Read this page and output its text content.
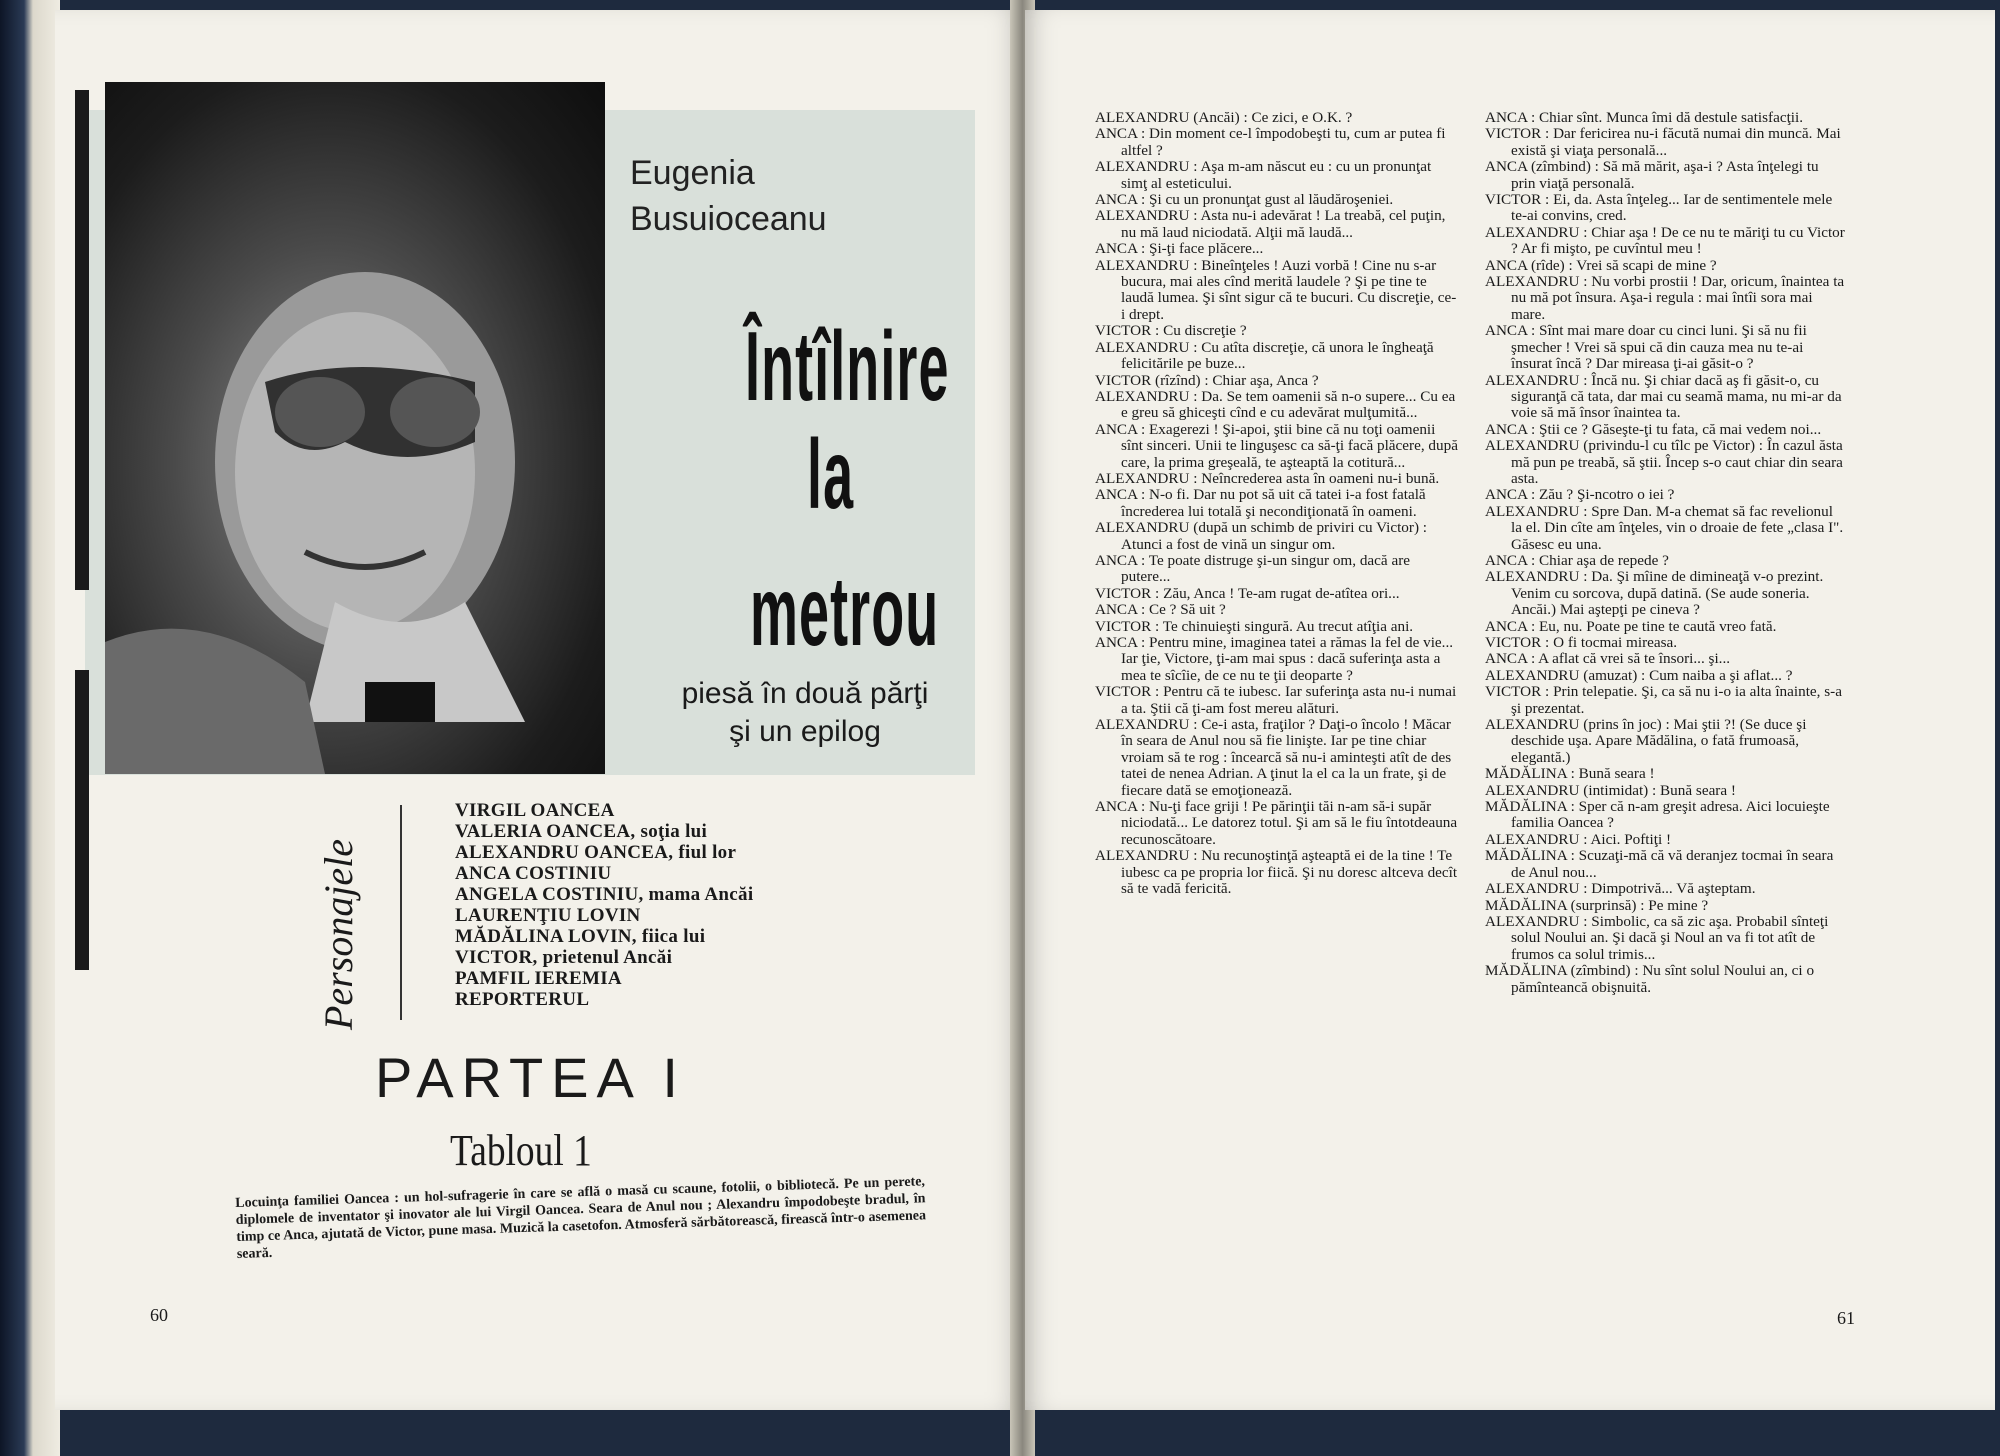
Eugenia
Busuioceanu
Întîlnire
la
metrou
piesă în două părţi
şi un epilog
Personajele
VIRGIL OANCEA
VALERIA OANCEA, soţia lui
ALEXANDRU OANCEA, fiul lor
ANCA COSTINIU
ANGELA COSTINIU, mama Ancăi
LAURENŢIU LOVIN
MĂDĂLINA LOVIN, fiica lui
VICTOR, prietenul Ancăi
PAMFIL IEREMIA
REPORTERUL
PARTEA I
Tabloul 1
Locuinţa familiei Oancea : un hol-sufragerie în care se află o masă cu scaune, fotolii, o bibliotecă. Pe un perete, diplomele de inventator şi inovator ale lui Virgil Oancea. Seara de Anul nou ; Alexandru împodobeşte bradul, în timp ce Anca, ajutată de Victor, pune masa. Muzică la casetofon. Atmosferă sărbătorească, firească într-o asemenea seară.
60

ALEXANDRU (Ancăi) : Ce zici, e O.K. ?

ANCA : Din moment ce-l împodobeşti tu, cum ar putea fi altfel ?

ALEXANDRU : Aşa m-am născut eu : cu un pronunţat simţ al esteticului.

ANCA : Şi cu un pronunţat gust al lăudăroşeniei.

ALEXANDRU : Asta nu-i adevărat ! La treabă, cel puţin, nu mă laud niciodată. Alţii mă laudă...

ANCA : Şi-ţi face plăcere...

ALEXANDRU : Bineînţeles ! Auzi vorbă ! Cine nu s-ar bucura, mai ales cînd merită laudele ? Şi pe tine te laudă lumea. Şi sînt sigur că te bucuri. Cu discreţie, ce-i drept.

VICTOR : Cu discreţie ?

ALEXANDRU : Cu atîta discreţie, că unora le îngheaţă felicitările pe buze...

VICTOR (rîzînd) : Chiar aşa, Anca ?

ALEXANDRU : Da. Se tem oamenii să n-o supere... Cu ea e greu să ghiceşti cînd e cu adevărat mulţumită...

ANCA : Exagerezi ! Şi-apoi, ştii bine că nu toţi oamenii sînt sinceri. Unii te linguşesc ca să-ţi facă plăcere, după care, la prima greşeală, te aşteaptă la cotitură...

ALEXANDRU : Neîncrederea asta în oameni nu-i bună.

ANCA : N-o fi. Dar nu pot să uit că tatei i-a fost fatală încrederea lui totală şi necondiţionată în oameni.

ALEXANDRU (după un schimb de priviri cu Victor) : Atunci a fost de vină un singur om.

ANCA : Te poate distruge şi-un singur om, dacă are putere...

VICTOR : Zău, Anca ! Te-am rugat de-atîtea ori...

ANCA : Ce ? Să uit ?

VICTOR : Te chinuieşti singură. Au trecut atîţia ani.

ANCA : Pentru mine, imaginea tatei a rămas la fel de vie... Iar ţie, Victore, ţi-am mai spus : dacă suferinţa asta a mea te sîcîie, de ce nu te ţii deoparte ?

VICTOR : Pentru că te iubesc. Iar suferinţa asta nu-i numai a ta. Ştii că ţi-am fost mereu alături.

ALEXANDRU : Ce-i asta, fraţilor ? Daţi-o încolo ! Măcar în seara de Anul nou să fie linişte. Iar pe tine chiar vroiam să te rog : încearcă să nu-i aminteşti atît de des tatei de nenea Adrian. A ţinut la el ca la un frate, şi de fiecare dată se emoţionează.

ANCA : Nu-ţi face griji ! Pe părinţii tăi n-am să-i supăr niciodată... Le datorez totul. Şi am să le fiu întotdeauna recunoscătoare.

ALEXANDRU : Nu recunoştinţă aşteaptă ei de la tine ! Te iubesc ca pe propria lor fiică. Şi nu doresc altceva decît să te vadă fericită.

ANCA : Chiar sînt. Munca îmi dă destule satisfacţii.

VICTOR : Dar fericirea nu-i făcută numai din muncă. Mai există şi viaţa personală...

ANCA (zîmbind) : Să mă mărit, aşa-i ? Asta înţelegi tu prin viaţă personală.

VICTOR : Ei, da. Asta înţeleg... Iar de sentimentele mele te-ai convins, cred.

ALEXANDRU : Chiar aşa ! De ce nu te măriţi tu cu Victor ? Ar fi mişto, pe cuvîntul meu !

ANCA (rîde) : Vrei să scapi de mine ?

ALEXANDRU : Nu vorbi prostii ! Dar, oricum, înaintea ta nu mă pot însura. Aşa-i regula : mai întîi sora mai mare.

ANCA : Sînt mai mare doar cu cinci luni. Şi să nu fii şmecher ! Vrei să spui că din cauza mea nu te-ai însurat încă ? Dar mireasa ţi-ai găsit-o ?

ALEXANDRU : Încă nu. Şi chiar dacă aş fi găsit-o, cu siguranţă că tata, dar mai cu seamă mama, nu mi-ar da voie să mă însor înaintea ta.

ANCA : Ştii ce ? Găseşte-ţi tu fata, că mai vedem noi...

ALEXANDRU (privindu-l cu tîlc pe Victor) : În cazul ăsta mă pun pe treabă, să ştii. Încep s-o caut chiar din seara asta.

ANCA : Zău ? Şi-ncotro o iei ?

ALEXANDRU : Spre Dan. M-a chemat să fac revelionul la el. Din cîte am înţeles, vin o droaie de fete „clasa I". Găsesc eu una.

ANCA : Chiar aşa de repede ?

ALEXANDRU : Da. Şi mîine de dimineaţă v-o prezint. Venim cu sorcova, după datină. (Se aude soneria. Ancăi.) Mai aştepţi pe cineva ?

ANCA : Eu, nu. Poate pe tine te caută vreo fată.

VICTOR : O fi tocmai mireasa.

ANCA : A aflat că vrei să te însori... şi...

ALEXANDRU (amuzat) : Cum naiba a şi aflat... ?

VICTOR : Prin telepatie. Şi, ca să nu i-o ia alta înainte, s-a şi prezentat.

ALEXANDRU (prins în joc) : Mai ştii ?! (Se duce şi deschide uşa. Apare Mădălina, o fată frumoasă, elegantă.)

MĂDĂLINA : Bună seara !

ALEXANDRU (intimidat) : Bună seara !

MĂDĂLINA : Sper că n-am greşit adresa. Aici locuieşte familia Oancea ?

ALEXANDRU : Aici. Poftiţi !

MĂDĂLINA : Scuzaţi-mă că vă deranjez tocmai în seara de Anul nou...

ALEXANDRU : Dimpotrivă... Vă aşteptam.

MĂDĂLINA (surprinsă) : Pe mine ?

ALEXANDRU : Simbolic, ca să zic aşa. Probabil sînteţi solul Noului an. Şi dacă şi Noul an va fi tot atît de frumos ca solul trimis...

MĂDĂLINA (zîmbind) : Nu sînt solul Noului an, ci o pămînteancă obişnuită.

61
